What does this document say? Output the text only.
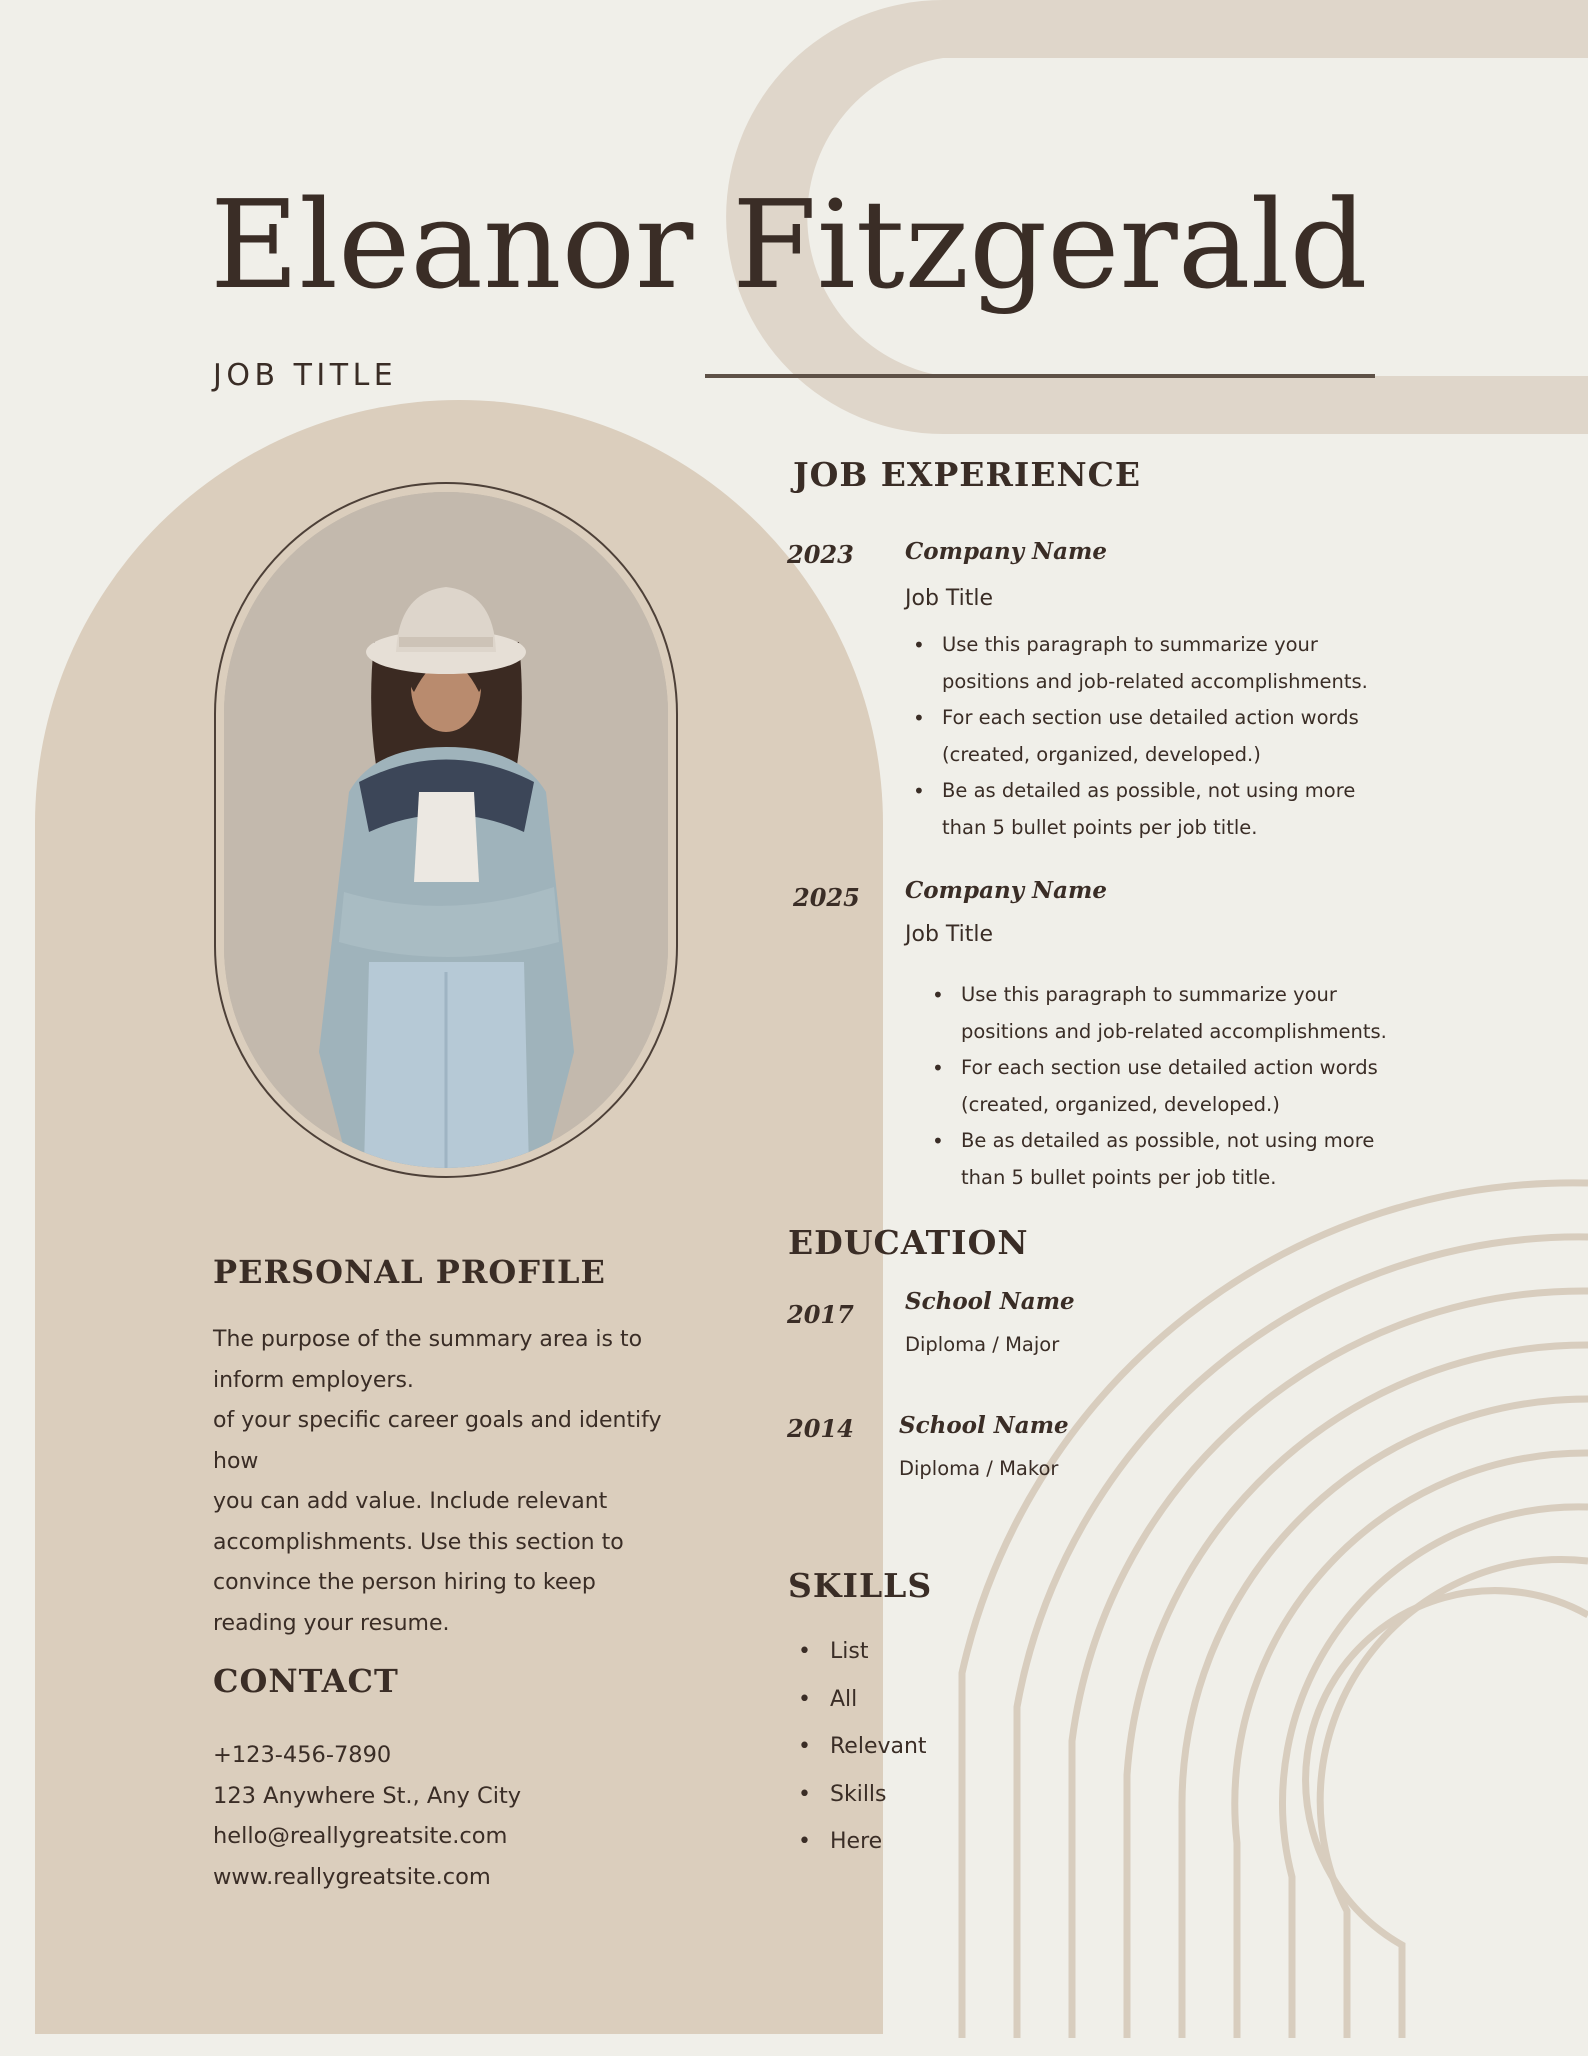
Eleanor Fitzgerald
JOB TITLE
PERSONAL PROFILE

The purpose of the summary area is to
inform employers.
of your specific career goals and identify
how
you can add value. Include relevant
accomplishments. Use this section to
convince the person hiring to keep
reading your resume.

CONTACT
+123-456-7890
123 Anywhere St., Any City
hello@reallygreatsite.com
www.reallygreatsite.com
JOB EXPERIENCE
2023 Company Name
Job Title
• Use this paragraph to summarize your
positions and job-related accomplishments.
• For each section use detailed action words
(created, organized, developed.)
• Be as detailed as possible, not using more
than 5 bullet points per job title.
2025 Company Name
Job Title
• Use this paragraph to summarize your
positions and job-related accomplishments.
• For each section use detailed action words
(created, organized, developed.)
• Be as detailed as possible, not using more
than 5 bullet points per job title.
EDUCATION
2017 School Name
Diploma / Major
2014 School Name
Diploma / Makor
SKILLS
• List
• All
• Relevant
• Skills
• Here
